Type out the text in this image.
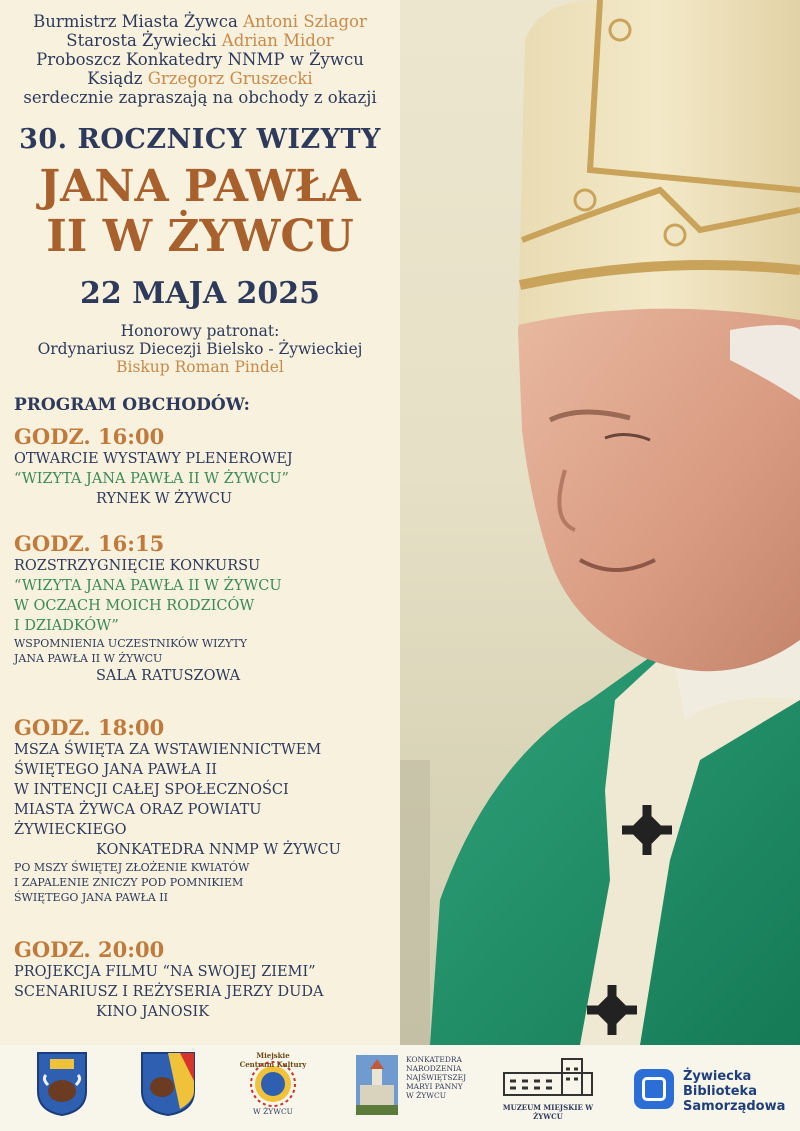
Burmistrz Miasta Żywca Antoni Szlagor
Starosta Żywiecki Adrian Midor
Proboszcz Konkatedry NNMP w Żywcu
Ksiądz Grzegorz Gruszecki
serdecznie zapraszają na obchody z okazji
30. ROCZNICY WIZYTY
JANA PAWŁA
II W ŻYWCU
22 MAJA 2025
Honorowy patronat:
Ordynariusz Diecezji Bielsko - Żywieckiej
Biskup Roman Pindel
PROGRAM OBCHODÓW:
GODZ. 16:00
OTWARCIE WYSTAWY PLENEROWEJ
“WIZYTA JANA PAWŁA II W ŻYWCU”
RYNEK W ŻYWCU
GODZ. 16:15
ROZSTRZYGNIĘCIE KONKURSU
“WIZYTA JANA PAWŁA II W ŻYWCU
W OCZACH MOICH RODZICÓW
I DZIADKÓW”
WSPOMNIENIA UCZESTNIKÓW WIZYTY
JANA PAWŁA II W ŻYWCU
SALA RATUSZOWA
GODZ. 18:00
MSZA ŚWIĘTA ZA WSTAWIENNICTWEM
ŚWIĘTEGO JANA PAWŁA II
W INTENCJI CAŁEJ SPOŁECZNOŚCI
MIASTA ŻYWCA ORAZ POWIATU
ŻYWIECKIEGO
KONKATEDRA NNMP W ŻYWCU
PO MSZY ŚWIĘTEJ ZŁOŻENIE KWIATÓW
I ZAPALENIE ZNICZY POD POMNIKIEM
ŚWIĘTEGO JANA PAWŁA II
GODZ. 20:00
PROJEKCJA FILMU “NA SWOJEJ ZIEMI”
SCENARIUSZ I REŻYSERIA JERZY DUDA
KINO JANOSIK
Miejskie Centrum Kultury
W ŻYWCU
KONKATEDRA
NARODZENIA
NAJŚWIĘTSZEJ
MARYI PANNY
W ŻYWCU
MUZEUM MIEJSKIE W ŻYWCU
Żywiecka
Biblioteka
Samorządowa
